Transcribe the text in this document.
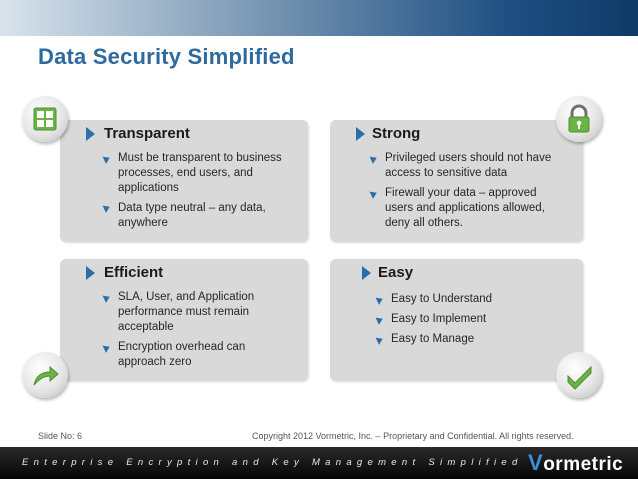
Data Security Simplified
Transparent
Must be transparent to business
processes, end users, and
applications
Data type neutral – any data,
anywhere
Strong
Privileged users should not have
access to sensitive data
Firewall your data – approved
users and applications allowed,
deny all others.
Efficient
SLA, User, and Application
performance must remain
acceptable
Encryption overhead can
approach zero
Easy
Easy to Understand
Easy to Implement
Easy to Manage
Slide No: 6	Copyright 2012 Vormetric, Inc. – Proprietary and Confidential. All rights reserved.
Enterprise Encryption and Key Management Simplified Vormetric
